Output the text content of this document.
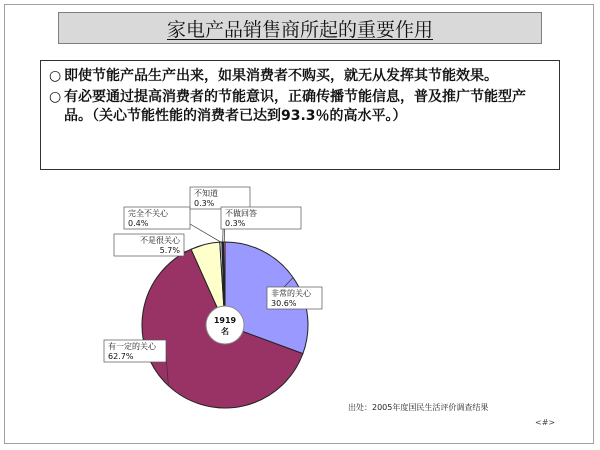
家电产品销售商所起的重要作用
○ 即使节能产品生产出来，如果消费者不购买，就无从发挥其节能效果。
○ 有必要通过提高消费者的节能意识，正确传播节能信息，普及推广节能型产品。（关心节能性能的消费者已达到93.3％的高水平。）
1919
名
非常的关心
30.6%
有一定的关心
62.7%
不是很关心
5.7%
完全不关心
0.4%
不知道
0.3%
不做回答
0.3%
出处：2005年度国民生活评价调查结果
<#>
